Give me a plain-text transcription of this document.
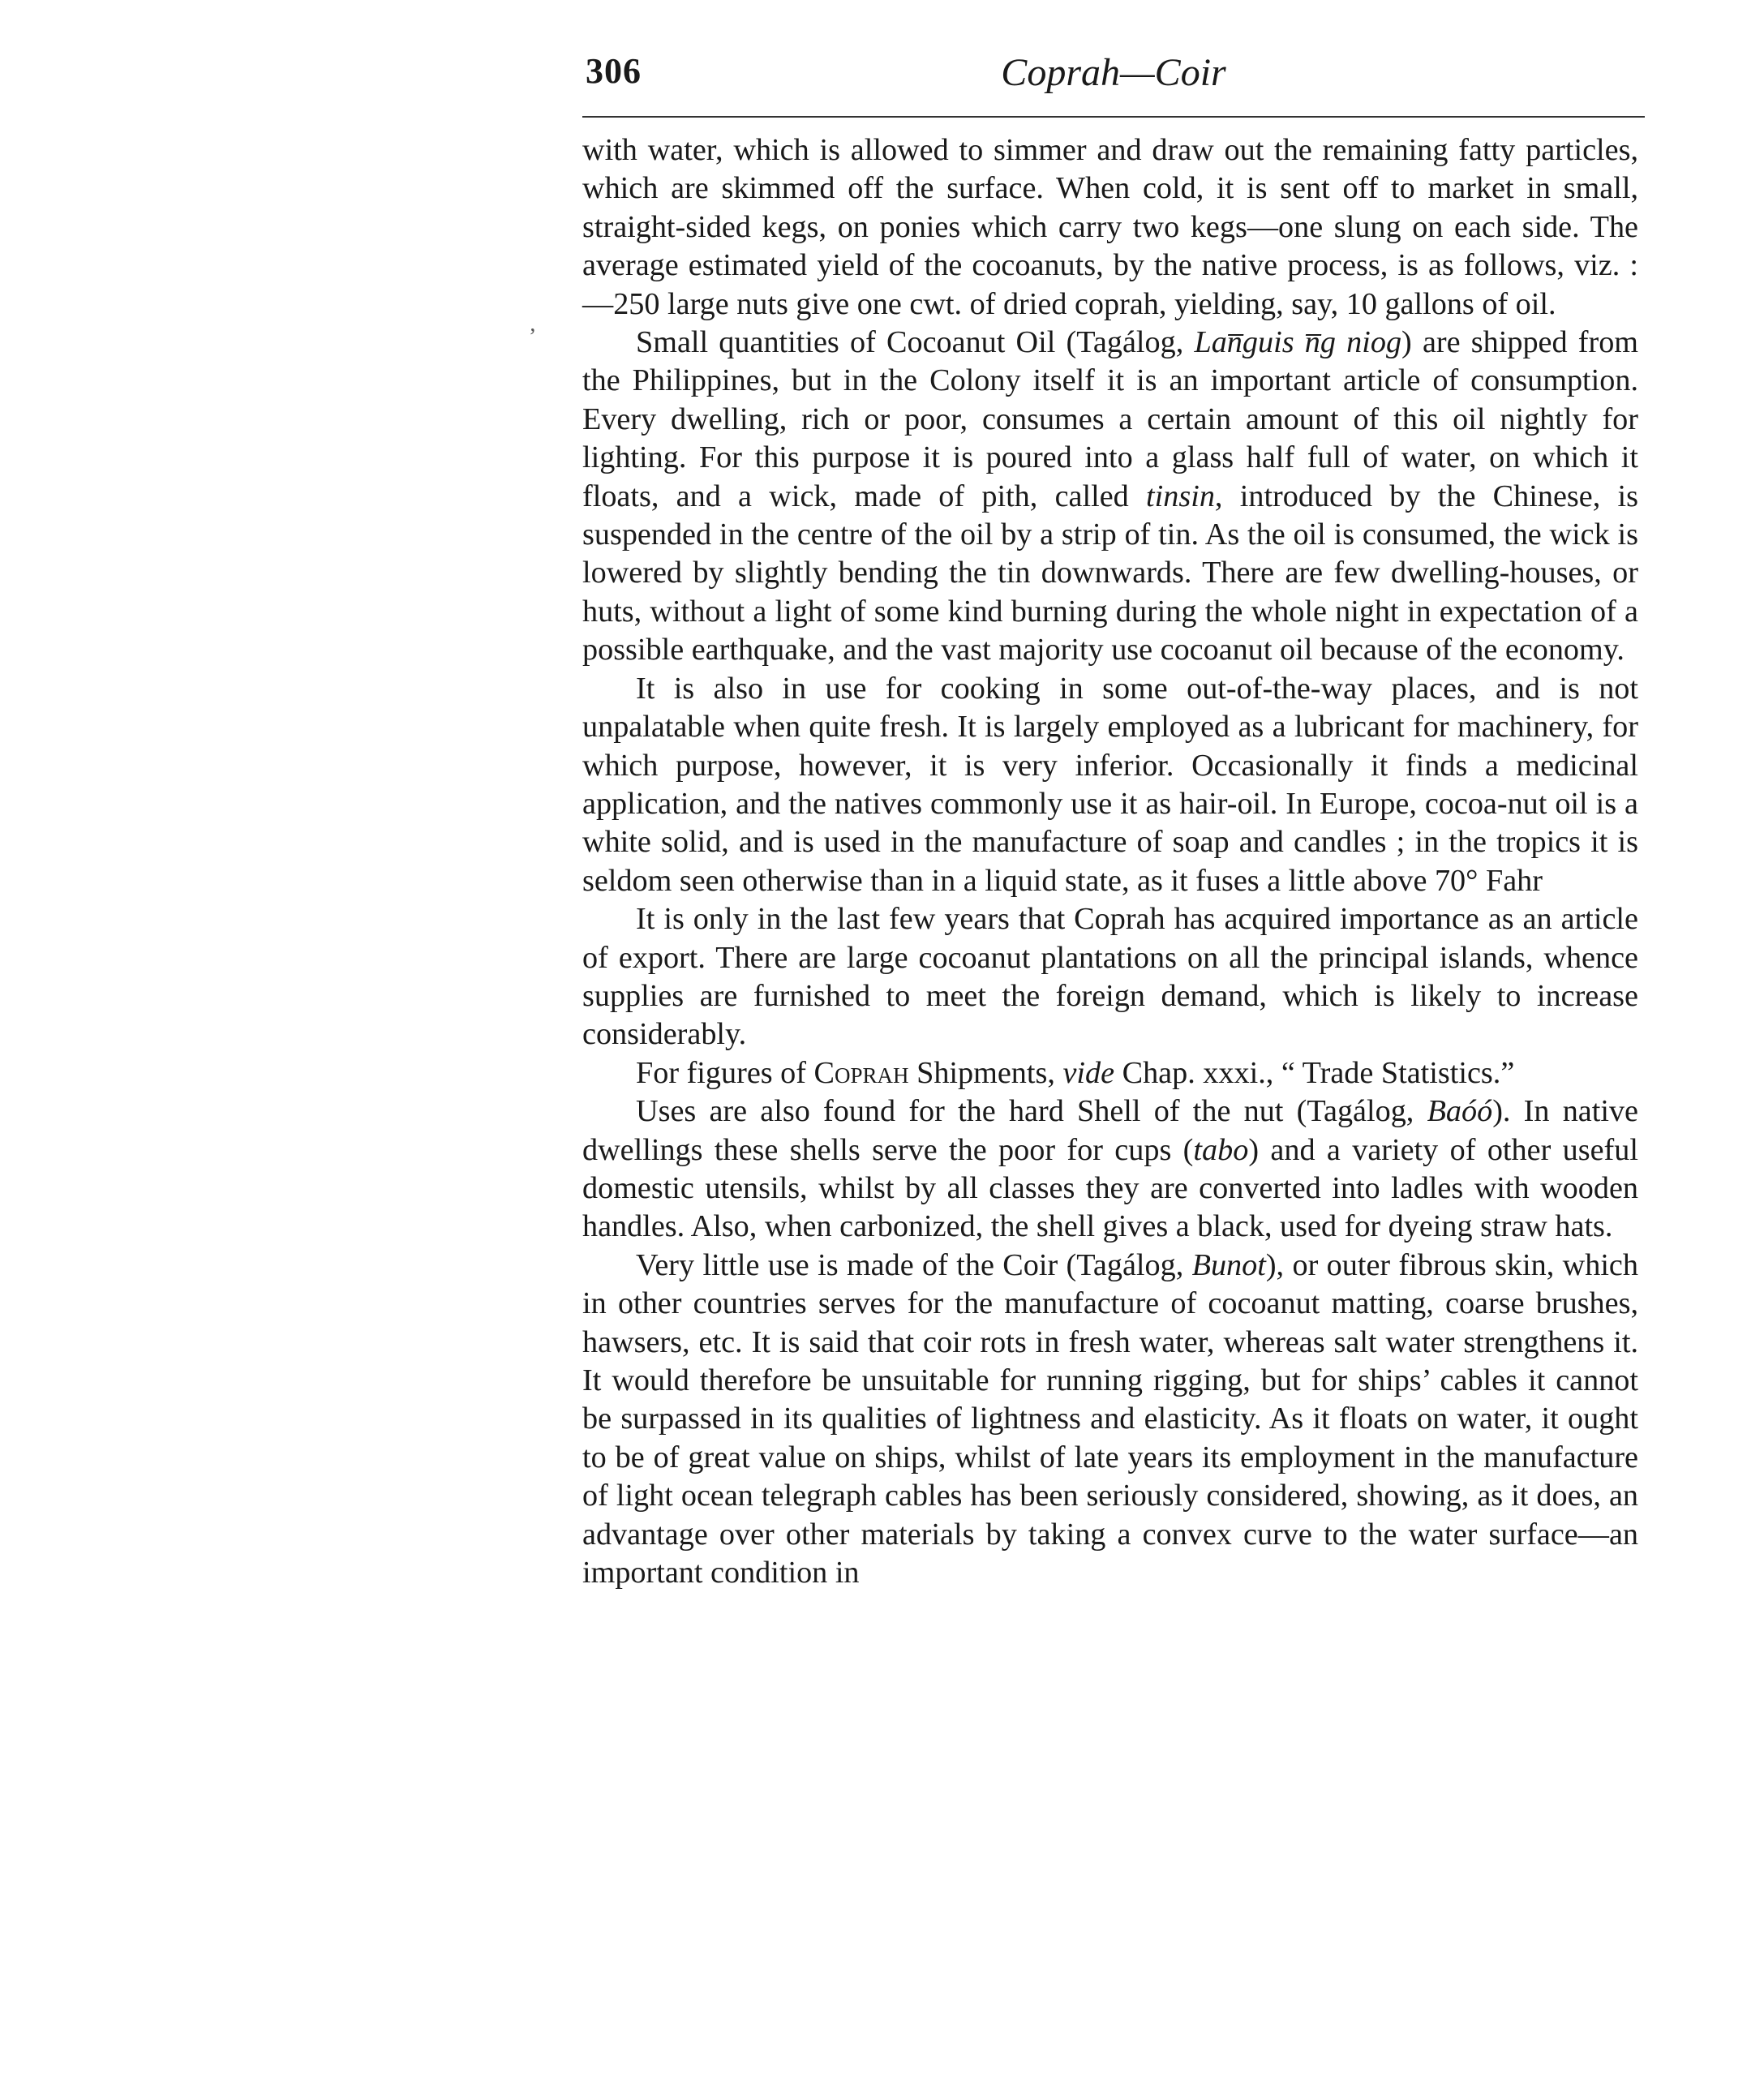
306	Coprah—Coir
‚

with water, which is allowed to simmer and draw out the remaining fatty particles, which are skimmed off the surface. When cold, it is sent off to market in small, straight-sided kegs, on ponies which carry two kegs—one slung on each side. The average estimated yield of the cocoanuts, by the native process, is as follows, viz. :—250 large nuts give one cwt. of dried coprah, yielding, say, 10 gallons of oil.

Small quantities of Cocoanut Oil (Tagálog, Lan̅guis n̅g niog) are shipped from the Philippines, but in the Colony itself it is an important article of consumption. Every dwelling, rich or poor, consumes a certain amount of this oil nightly for lighting. For this purpose it is poured into a glass half full of water, on which it floats, and a wick, made of pith, called tinsin, introduced by the Chinese, is suspended in the centre of the oil by a strip of tin. As the oil is consumed, the wick is lowered by slightly bending the tin downwards. There are few dwelling-houses, or huts, without a light of some kind burning during the whole night in expectation of a possible earthquake, and the vast majority use cocoanut oil because of the economy.

It is also in use for cooking in some out-of-the-way places, and is not unpalatable when quite fresh. It is largely employed as a lubricant for machinery, for which purpose, however, it is very inferior. Occasionally it finds a medicinal application, and the natives commonly use it as hair-oil. In Europe, cocoa-nut oil is a white solid, and is used in the manufacture of soap and candles ; in the tropics it is seldom seen otherwise than in a liquid state, as it fuses a little above 70° Fahr

It is only in the last few years that Coprah has acquired importance as an article of export. There are large cocoanut plantations on all the principal islands, whence supplies are furnished to meet the foreign demand, which is likely to increase considerably.

For figures of Coprah Shipments, vide Chap. xxxi., “ Trade Statistics.”

Uses are also found for the hard Shell of the nut (Tagálog, Baóó). In native dwellings these shells serve the poor for cups (tabo) and a variety of other useful domestic utensils, whilst by all classes they are converted into ladles with wooden handles. Also, when carbonized, the shell gives a black, used for dyeing straw hats.

Very little use is made of the Coir (Tagálog, Bunot), or outer fibrous skin, which in other countries serves for the manufacture of cocoanut matting, coarse brushes, hawsers, etc. It is said that coir rots in fresh water, whereas salt water strengthens it. It would therefore be unsuitable for running rigging, but for ships’ cables it cannot be surpassed in its qualities of lightness and elasticity. As it floats on water, it ought to be of great value on ships, whilst of late years its employment in the manufacture of light ocean telegraph cables has been seriously considered, showing, as it does, an advantage over other materials by taking a convex curve to the water surface—an important condition in
